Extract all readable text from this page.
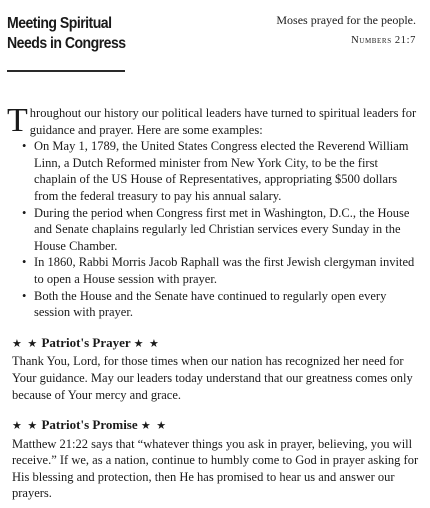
Meeting Spiritual
Needs in Congress
Moses prayed for the people.
Numbers 21:7

Throughout our history our political leaders have turned to spiritual leaders for guidance and prayer. Here are some examples:

• On May 1, 1789, the United States Congress elected the Reverend William Linn, a Dutch Reformed minister from New York City, to be the first chaplain of the US House of Representatives, appropriating $500 dollars from the federal treasury to pay his annual salary.
• During the period when Congress first met in Washington, D.C., the House and Senate chaplains regularly led Christian services every Sunday in the House Chamber.
• In 1860, Rabbi Morris Jacob Raphall was the first Jewish clergyman invited to open a House session with prayer.
• Both the House and the Senate have continued to regularly open every session with prayer.
★ ★ Patriot's Prayer ★ ★

Thank You, Lord, for those times when our nation has recognized her need for Your guidance. May our leaders today understand that our greatness comes only because of Your mercy and grace.

★ ★ Patriot's Promise ★ ★

Matthew 21:22 says that “whatever things you ask in prayer, believing, you will receive.” If we, as a nation, continue to humbly come to God in prayer asking for His blessing and protection, then He has promised to hear us and answer our prayers.
